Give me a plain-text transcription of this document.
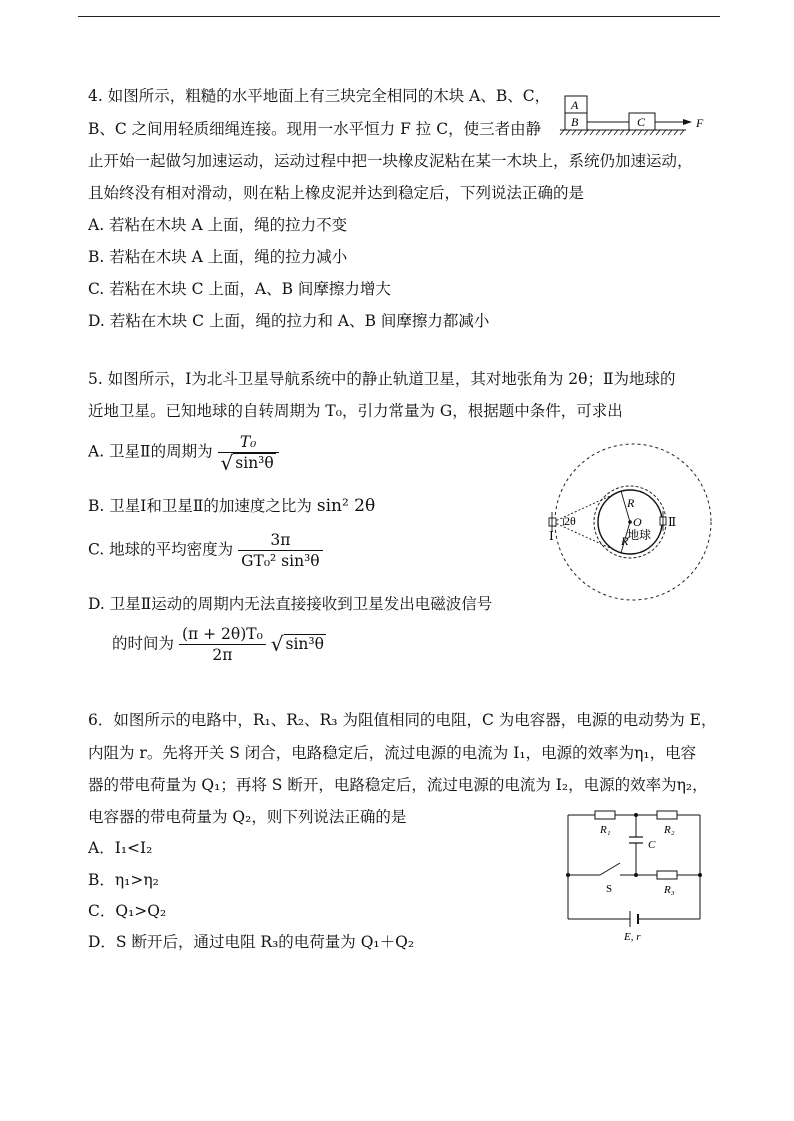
4. 如图所示，粗糙的水平地面上有三块完全相同的木块 A、B、C，
B、C 之间用轻质细绳连接。现用一水平恒力 F 拉 C，使三者由静
止开始一起做匀加速运动，运动过程中把一块橡皮泥粘在某一木块上，系统仍加速运动，
且始终没有相对滑动，则在粘上橡皮泥并达到稳定后，下列说法正确的是
A. 若粘在木块 A 上面，绳的拉力不变
B. 若粘在木块 A 上面，绳的拉力减小
C. 若粘在木块 C 上面，A、B 间摩擦力增大
D. 若粘在木块 C 上面，绳的拉力和 A、B 间摩擦力都减小
A
B	C	F
5. 如图所示，Ⅰ为北斗卫星导航系统中的静止轨道卫星，其对地张角为 2θ；Ⅱ为地球的
近地卫星。已知地球的自转周期为 T₀，引力常量为 G，根据题中条件，可求出
A. 卫星Ⅱ的周期为 $\frac{\text{T₀}}{\text{√ sin³θ}}$
B. 卫星Ⅰ和卫星Ⅱ的加速度之比为 sin² 2θ
C. 地球的平均密度为 $\frac{3\pi}{\text{GT₀² sin³θ}}$
D. 卫星Ⅱ运动的周期内无法直接接收到卫星发出电磁波信号
的时间为 $\frac{\text{(π + 2θ)T₀}}{2\pi}$ √ sin³θ
2θ
Ⅰ
Ⅱ
R
R
O
地球
6．如图所示的电路中，R₁、R₂、R₃ 为阻值相同的电阻，C 为电容器，电源的电动势为 E，
内阻为 r。先将开关 S 闭合，电路稳定后，流过电源的电流为 I₁，电源的效率为η₁，电容
器的带电荷量为 Q₁；再将 S 断开，电路稳定后，流过电源的电流为 I₂，电源的效率为η₂，
电容器的带电荷量为 Q₂，则下列说法正确的是
A．I₁<I₂
B．η₁>η₂
C．Q₁>Q₂
D．S 断开后，通过电阻 R₃的电荷量为 Q₁＋Q₂
R₁	R₂
C
S	R₃
E, r
